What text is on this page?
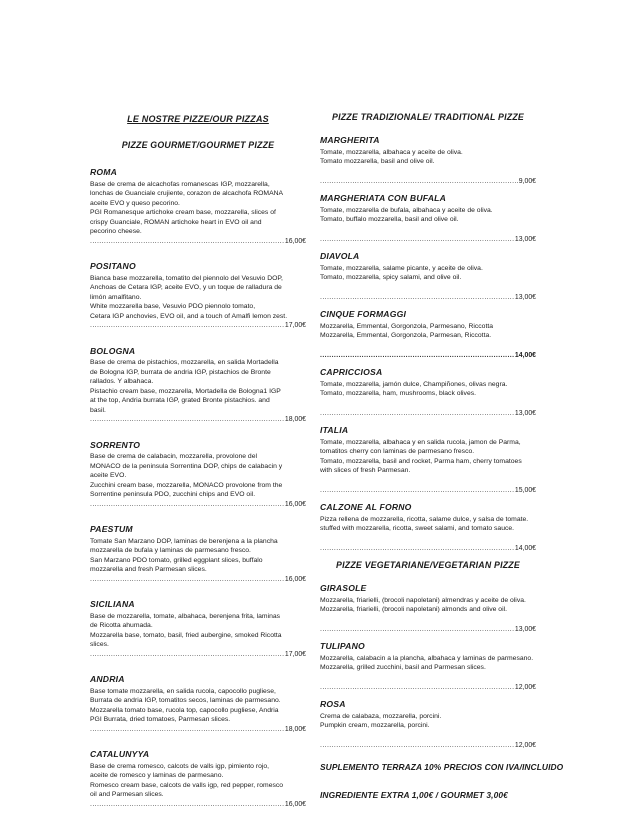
LE NOSTRE PIZZE/OUR PIZZAS
PIZZE GOURMET/GOURMET PIZZE
ROMA
Base de crema de alcachofas romanescas IGP, mozzarella,
lonchas de Guanciale crujiente, corazon de alcachofa ROMANA
aceite EVO y queso pecorino.
PGI Romanesque artichoke cream base, mozzarella, slices of
crispy Guanciale, ROMAN artichoke heart in EVO oil and
pecorino cheese.
.....
16,00€
POSITANO
Bianca base mozzarella, tomatito del piennolo del Vesuvio DOP,
Anchoas de Cetara IGP, aceite EVO, y un toque de ralladura de
limón amalfitano.
White mozzarella base, Vesuvio PDO piennolo tomato,
Cetara IGP anchovies, EVO oil, and a touch of Amalfi lemon zest.
.....
17,00€
BOLOGNA
Base de crema de pistachios, mozzarella, en salida Mortadella
de Bologna IGP, burrata de andria IGP, pistachios de Bronte
rallados. Y albahaca.
Pistachio cream base, mozzarella, Mortadella de Bologna1 IGP
at the top, Andria burrata IGP, grated Bronte pistachios. and
basil.
.....
18,00€
SORRENTO
Base de crema de calabacin, mozzarella, provolone del
MONACO de la peninsula Sorrentina DOP, chips de calabacin y
aceite EVO.
Zucchini cream base, mozzarella, MONACO provolone from the
Sorrentine peninsula PDO, zucchini chips and EVO oil.
.....
16,00€
PAESTUM
Tomate San Marzano DOP, laminas de berenjena a la plancha
mozzarella de bufala y laminas de parmesano fresco.
San Marzano PDO tomato, grilled eggplant slices, buffalo
mozzarella and fresh Parmesan slices.
.....
16,00€
SICILIANA
Base de mozzarella, tomate, albahaca, berenjena frita, laminas
de Ricotta ahumada.
Mozzarella base, tomato, basil, fried aubergine, smoked Ricotta
slices.
.....
17,00€
ANDRIA
Base tomate mozzarella, en salida rucola, capocollo pugliese,
Burrata de andria IGP, tomatitos secos, laminas de parmesano.
Mozzarella tomato base, rucola top, capocollo pugliese, Andria
PGI Burrata, dried tomatoes, Parmesan slices.
.....
18,00€
CATALUNYYA
Base de crema romesco, calcots de valls igp, pimiento rojo,
aceite de romesco y laminas de parmesano.
Romesco cream base, calcots de valls igp, red pepper, romesco
oil and Parmesan slices.
.....
16,00€
PIZZE TRADIZIONALE/ TRADITIONAL PIZZE
MARGHERITA
Tomate, mozzarella, albahaca y aceite de oliva.
Tomato mozzarella, basil and olive oil.
.....
9,00€
MARGHERIATA CON BUFALA
Tomate, mozzarella de bufala, albahaca y aceite de oliva.
Tomato, buffalo mozzarella, basil and olive oil.
.....
13,00€
DIAVOLA
Tomate, mozzarella, salame picante, y aceite de oliva.
Tomato, mozzarella, spicy salami, and olive oil.
.....
13,00€
CINQUE FORMAGGI
Mozzarella, Emmental, Gorgonzola, Parmesano, Riccotta
Mozzarella, Emmental, Gorgonzola, Parmesan, Riccotta.
.....
14,00€
CAPRICCIOSA
Tomate, mozzarella, jamón dulce, Champiñones, olivas negra.
Tomato, mozzarella, ham, mushrooms, black olives.
.....
13,00€
ITALIA
Tomate, mozzarella, albahaca y en salida rucola, jamon de Parma,
tomatitos cherry con laminas de parmesano fresco.
Tomato, mozzarella, basil and rocket, Parma ham, cherry tomatoes
with slices of fresh Parmesan.
.....
15,00€
CALZONE AL FORNO
Pizza rellena de mozzarella, ricotta, salame dulce, y salsa de tomate.
stuffed with mozzarella, ricotta, sweet salami, and tomato sauce.
.....
14,00€
PIZZE VEGETARIANE/VEGETARIAN PIZZE
GIRASOLE
Mozzarella, friarielli, (brocoli napoletani) almendras y aceite de oliva.
Mozzarella, friarielli, (brocoli napoletani) almonds and olive oil.
.....
13,00€
TULIPANO
Mozzarella, calabacin a la plancha, albahaca y laminas de parmesano.
Mozzarella, grilled zucchini, basil and Parmesan slices.
.....
12,00€
ROSA
Crema de calabaza, mozzarella, porcini.
Pumpkin cream, mozzarella, porcini.
.....
12,00€
SUPLEMENTO TERRAZA 10% PRECIOS CON IVA/INCLUIDO
INGREDIENTE EXTRA 1,00€ / GOURMET 3,00€
